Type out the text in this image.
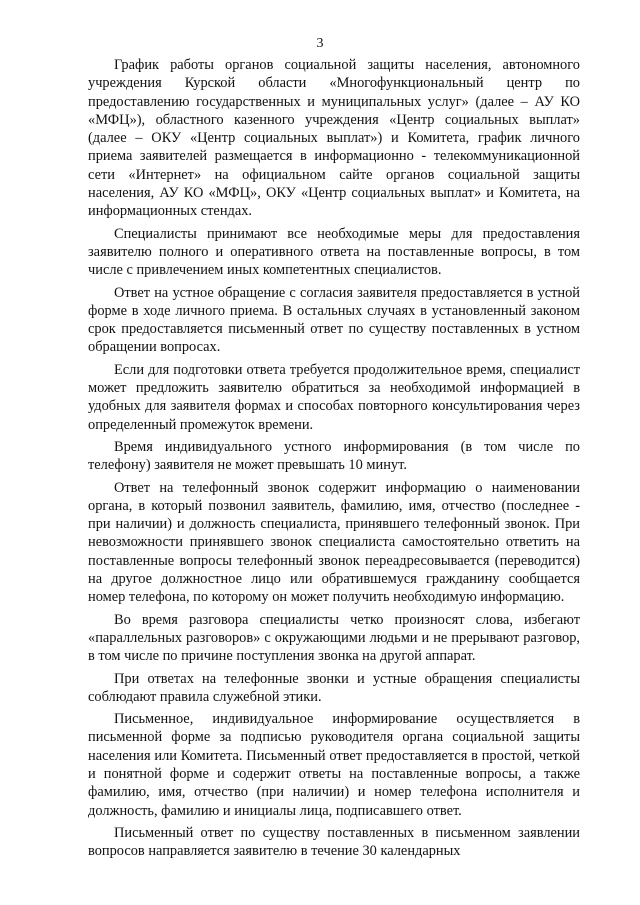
3

График работы органов социальной защиты населения, автономного учреждения Курской области «Многофункциональный центр по предоставлению государственных и муниципальных услуг» (далее – АУ КО «МФЦ»), областного казенного учреждения «Центр социальных выплат» (далее – ОКУ «Центр социальных выплат») и Комитета, график личного приема заявителей размещается в информационно - телекоммуникационной сети «Интернет» на официальном сайте органов социальной защиты населения, АУ КО «МФЦ», ОКУ «Центр социальных выплат» и Комитета, на информационных стендах.

Специалисты принимают все необходимые меры для предоставления заявителю полного и оперативного ответа на поставленные вопросы, в том числе с привлечением иных компетентных специалистов.

Ответ на устное обращение с согласия заявителя предоставляется в устной форме в ходе личного приема. В остальных случаях в установленный законом срок предоставляется письменный ответ по существу поставленных в устном обращении вопросах.

Если для подготовки ответа требуется продолжительное время, специалист может предложить заявителю обратиться за необходимой информацией в удобных для заявителя формах и способах повторного консультирования через определенный промежуток времени.

Время индивидуального устного информирования (в том числе по телефону) заявителя не может превышать 10 минут.

Ответ на телефонный звонок содержит информацию о наименовании органа, в который позвонил заявитель, фамилию, имя, отчество (последнее - при наличии) и должность специалиста, принявшего телефонный звонок. При невозможности принявшего звонок специалиста самостоятельно ответить на поставленные вопросы телефонный звонок переадресовывается (переводится) на другое должностное лицо или обратившемуся гражданину сообщается номер телефона, по которому он может получить необходимую информацию.

Во время разговора специалисты четко произносят слова, избегают «параллельных разговоров» с окружающими людьми и не прерывают разговор, в том числе по причине поступления звонка на другой аппарат.

При ответах на телефонные звонки и устные обращения специалисты соблюдают правила служебной этики.

Письменное, индивидуальное информирование осуществляется в письменной форме за подписью руководителя органа социальной защиты населения или Комитета. Письменный ответ предоставляется в простой, четкой и понятной форме и содержит ответы на поставленные вопросы, а также фамилию, имя, отчество (при наличии) и номер телефона исполнителя и должность, фамилию и инициалы лица, подписавшего ответ.

Письменный ответ по существу поставленных в письменном заявлении вопросов направляется заявителю в течение 30 календарных
